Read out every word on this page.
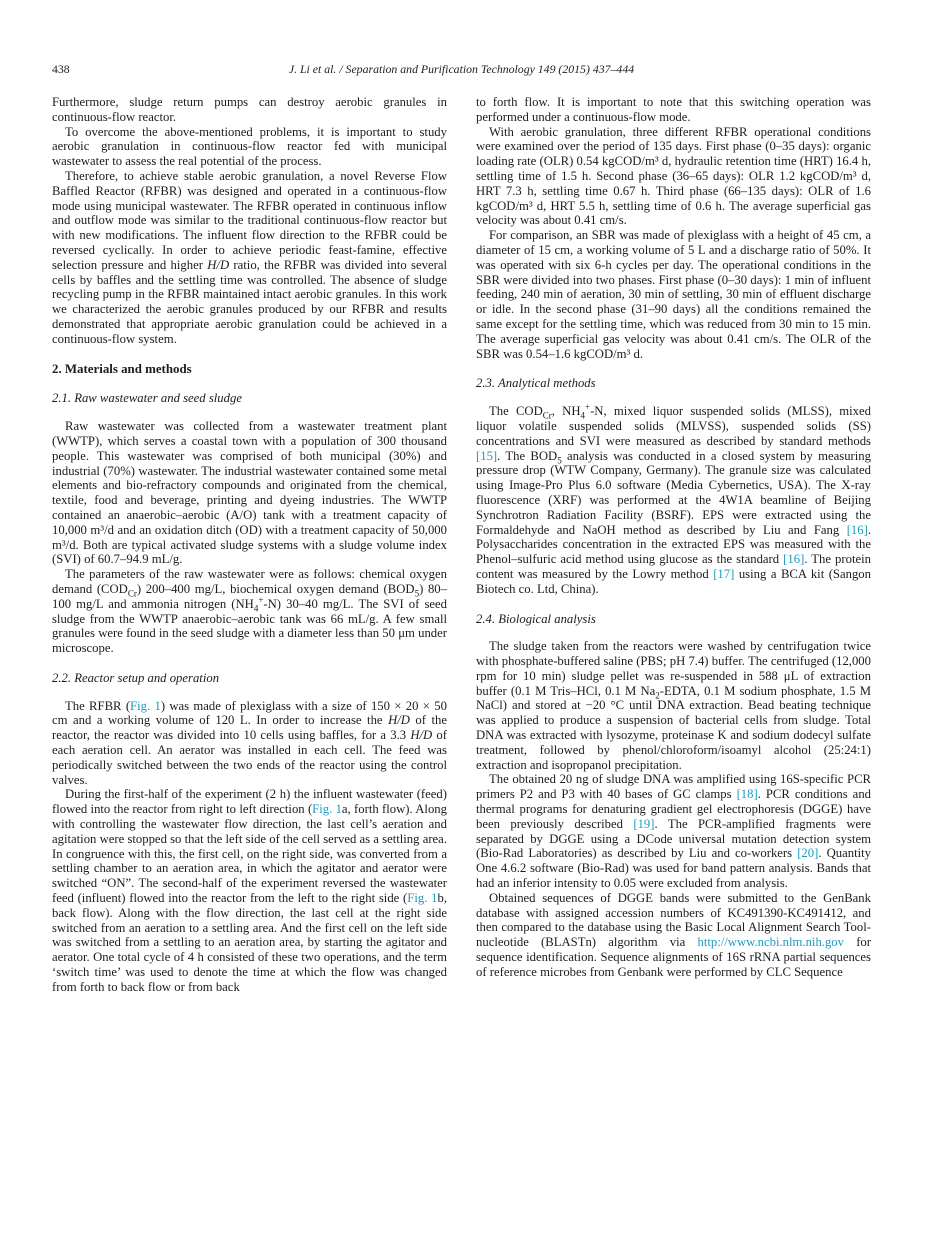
438	J. Li et al. / Separation and Purification Technology 149 (2015) 437–444

Furthermore, sludge return pumps can destroy aerobic granules in continuous-flow reactor.

To overcome the above-mentioned problems, it is important to study aerobic granulation in continuous-flow reactor fed with municipal wastewater to assess the real potential of the process.

Therefore, to achieve stable aerobic granulation, a novel Reverse Flow Baffled Reactor (RFBR) was designed and operated in a continuous-flow mode using municipal wastewater. The RFBR operated in continuous inflow and outflow mode was similar to the traditional continuous-flow reactor but with new modifications. The influent flow direction to the RFBR could be reversed cyclically. In order to achieve periodic feast-famine, effective selection pressure and higher H/D ratio, the RFBR was divided into several cells by baffles and the settling time was controlled. The absence of sludge recycling pump in the RFBR maintained intact aerobic granules. In this work we characterized the aerobic granules produced by our RFBR and results demonstrated that appropriate aerobic granulation could be achieved in a continuous-flow system.

2. Materials and methods
2.1. Raw wastewater and seed sludge

Raw wastewater was collected from a wastewater treatment plant (WWTP), which serves a coastal town with a population of 300 thousand people. This wastewater was comprised of both municipal (30%) and industrial (70%) wastewater. The industrial wastewater contained some metal elements and bio-refractory compounds and originated from the chemical, textile, food and beverage, printing and dyeing industries. The WWTP contained an anaerobic–aerobic (A/O) tank with a treatment capacity of 10,000 m³/d and an oxidation ditch (OD) with a treatment capacity of 50,000 m³/d. Both are typical activated sludge systems with a sludge volume index (SVI) of 60.7–94.9 mL/g.

The parameters of the raw wastewater were as follows: chemical oxygen demand $(COD_{Cr})$ 200–400 mg/L, biochemical oxygen demand $(BOD_5)$ 80–100 mg/L and ammonia nitrogen $(NH_4^+-N)$ 30–40 mg/L. The SVI of seed sludge from the WWTP anaerobic–aerobic tank was 66 mL/g. A few small granules were found in the seed sludge with a diameter less than 50 μm under microscope.

2.2. Reactor setup and operation

The RFBR (Fig. 1) was made of plexiglass with a size of 150 × 20 × 50 cm and a working volume of 120 L. In order to increase the H/D of the reactor, the reactor was divided into 10 cells using baffles, for a 3.3 H/D of each aeration cell. An aerator was installed in each cell. The feed was periodically switched between the two ends of the reactor using the control valves.

During the first-half of the experiment (2 h) the influent wastewater (feed) flowed into the reactor from right to left direction (Fig. 1a, forth flow). Along with controlling the wastewater flow direction, the last cell’s aeration and agitation were stopped so that the left side of the cell served as a settling area. In congruence with this, the first cell, on the right side, was converted from a settling chamber to an aeration area, in which the agitator and aerator were switched “ON”. The second-half of the experiment reversed the wastewater feed (influent) flowed into the reactor from the left to the right side (Fig. 1b, back flow). Along with the flow direction, the last cell at the right side switched from an aeration to a settling area. And the first cell on the left side was switched from a settling to an aeration area, by starting the agitator and aerator. One total cycle of 4 h consisted of these two operations, and the term ‘switch time’ was used to denote the time at which the flow was changed from forth to back flow or from back

to forth flow. It is important to note that this switching operation was performed under a continuous-flow mode.

With aerobic granulation, three different RFBR operational conditions were examined over the period of 135 days. First phase (0–35 days): organic loading rate (OLR) 0.54 kgCOD/m³ d, hydraulic retention time (HRT) 16.4 h, settling time of 1.5 h. Second phase (36–65 days): OLR 1.2 kgCOD/m³ d, HRT 7.3 h, settling time 0.67 h. Third phase (66–135 days): OLR of 1.6 kgCOD/m³ d, HRT 5.5 h, settling time of 0.6 h. The average superficial gas velocity was about 0.41 cm/s.

For comparison, an SBR was made of plexiglass with a height of 45 cm, a diameter of 15 cm, a working volume of 5 L and a discharge ratio of 50%. It was operated with six 6-h cycles per day. The operational conditions in the SBR were divided into two phases. First phase (0–30 days): 1 min of influent feeding, 240 min of aeration, 30 min of settling, 30 min of effluent discharge or idle. In the second phase (31–90 days) all the conditions remained the same except for the settling time, which was reduced from 30 min to 15 min. The average superficial gas velocity was about 0.41 cm/s. The OLR of the SBR was 0.54–1.6 kgCOD/m³ d.

2.3. Analytical methods

The $COD_{Cr}$, $NH_4^+-N$, mixed liquor suspended solids (MLSS), mixed liquor volatile suspended solids (MLVSS), suspended solids (SS) concentrations and SVI were measured as described by standard methods [15]. The $BOD_5$ analysis was conducted in a closed system by measuring pressure drop (WTW Company, Germany). The granule size was calculated using Image-Pro Plus 6.0 software (Media Cybernetics, USA). The X-ray fluorescence (XRF) was performed at the 4W1A beamline of Beijing Synchrotron Radiation Facility (BSRF). EPS were extracted using the Formaldehyde and NaOH method as described by Liu and Fang [16]. Polysaccharides concentration in the extracted EPS was measured with the Phenol–sulfuric acid method using glucose as the standard [16]. The protein content was measured by the Lowry method [17] using a BCA kit (Sangon Biotech co. Ltd, China).

2.4. Biological analysis

The sludge taken from the reactors were washed by centrifugation twice with phosphate-buffered saline (PBS; pH 7.4) buffer. The centrifuged (12,000 rpm for 10 min) sludge pellet was re-suspended in 588 μL of extraction buffer (0.1 M Tris–HCl, 0.1 M $Na_2$-EDTA, 0.1 M sodium phosphate, 1.5 M NaCl) and stored at −20 °C until DNA extraction. Bead beating technique was applied to produce a suspension of bacterial cells from sludge. Total DNA was extracted with lysozyme, proteinase K and sodium dodecyl sulfate treatment, followed by phenol/chloroform/isoamyl alcohol (25:24:1) extraction and isopropanol precipitation.

The obtained 20 ng of sludge DNA was amplified using 16S-specific PCR primers P2 and P3 with 40 bases of GC clamps [18]. PCR conditions and thermal programs for denaturing gradient gel electrophoresis (DGGE) have been previously described [19]. The PCR-amplified fragments were separated by DGGE using a DCode universal mutation detection system (Bio-Rad Laboratories) as described by Liu and co-workers [20]. Quantity One 4.6.2 software (Bio-Rad) was used for band pattern analysis. Bands that had an inferior intensity to 0.05 were excluded from analysis.

Obtained sequences of DGGE bands were submitted to the GenBank database with assigned accession numbers of KC491390-KC491412, and then compared to the database using the Basic Local Alignment Search Tool-nucleotide (BLASTn) algorithm via http://www.ncbi.nlm.nih.gov for sequence identification. Sequence alignments of 16S rRNA partial sequences of reference microbes from Genbank were performed by CLC Sequence
